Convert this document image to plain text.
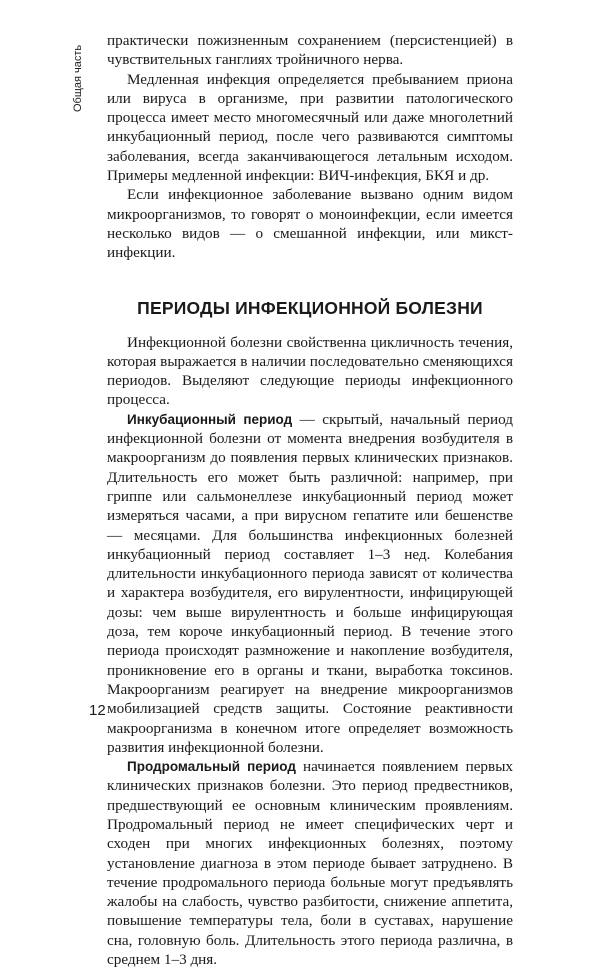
Общая часть

практически пожизненным сохранением (персистенцией) в чувствительных ганглиях тройничного нерва.

Медленная инфекция определяется пребыванием приона или вируса в организме, при развитии патологического процесса имеет место многомесячный или даже многолетний инкубационный период, после чего развиваются симптомы заболевания, всегда заканчивающегося летальным исходом. Примеры медленной инфекции: ВИЧ-инфекция, БКЯ и др.

Если инфекционное заболевание вызвано одним видом микроорганизмов, то говорят о моноинфекции, если имеется несколько видов — о смешанной инфекции, или микст-инфекции.

ПЕРИОДЫ ИНФЕКЦИОННОЙ БОЛЕЗНИ

Инфекционной болезни свойственна цикличность течения, которая выражается в наличии последовательно сменяющихся периодов. Выделяют следующие периоды инфекционного процесса.

Инкубационный период — скрытый, начальный период инфекционной болезни от момента внедрения возбудителя в макроорганизм до появления первых клинических признаков. Длительность его может быть различной: например, при гриппе или сальмонеллезе инкубационный период может измеряться часами, а при вирусном гепатите или бешенстве — месяцами. Для большинства инфекционных болезней инкубационный период составляет 1–3 нед. Колебания длительности инкубационного периода зависят от количества и характера возбудителя, его вирулентности, инфицирующей дозы: чем выше вирулентность и больше инфицирующая доза, тем короче инкубационный период. В течение этого периода происходят размножение и накопление возбудителя, проникновение его в органы и ткани, выработка токсинов. Макроорганизм реагирует на внедрение микроорганизмов мобилизацией средств защиты. Состояние реактивности макроорганизма в конечном итоге определяет возможность развития инфекционной болезни.

Продромальный период начинается появлением первых клинических признаков болезни. Это период предвестников, предшествующий ее основным клиническим проявлениям. Продромальный период не имеет специфических черт и сходен при многих инфекционных болезнях, поэтому установление диагноза в этом периоде бывает затруднено. В течение продромального периода больные могут предъявлять жалобы на слабость, чувство разбитости, снижение аппетита, повышение температуры тела, боли в суставах, нарушение сна, головную боль. Длительность этого периода различна, в среднем 1–3 дня.

12
